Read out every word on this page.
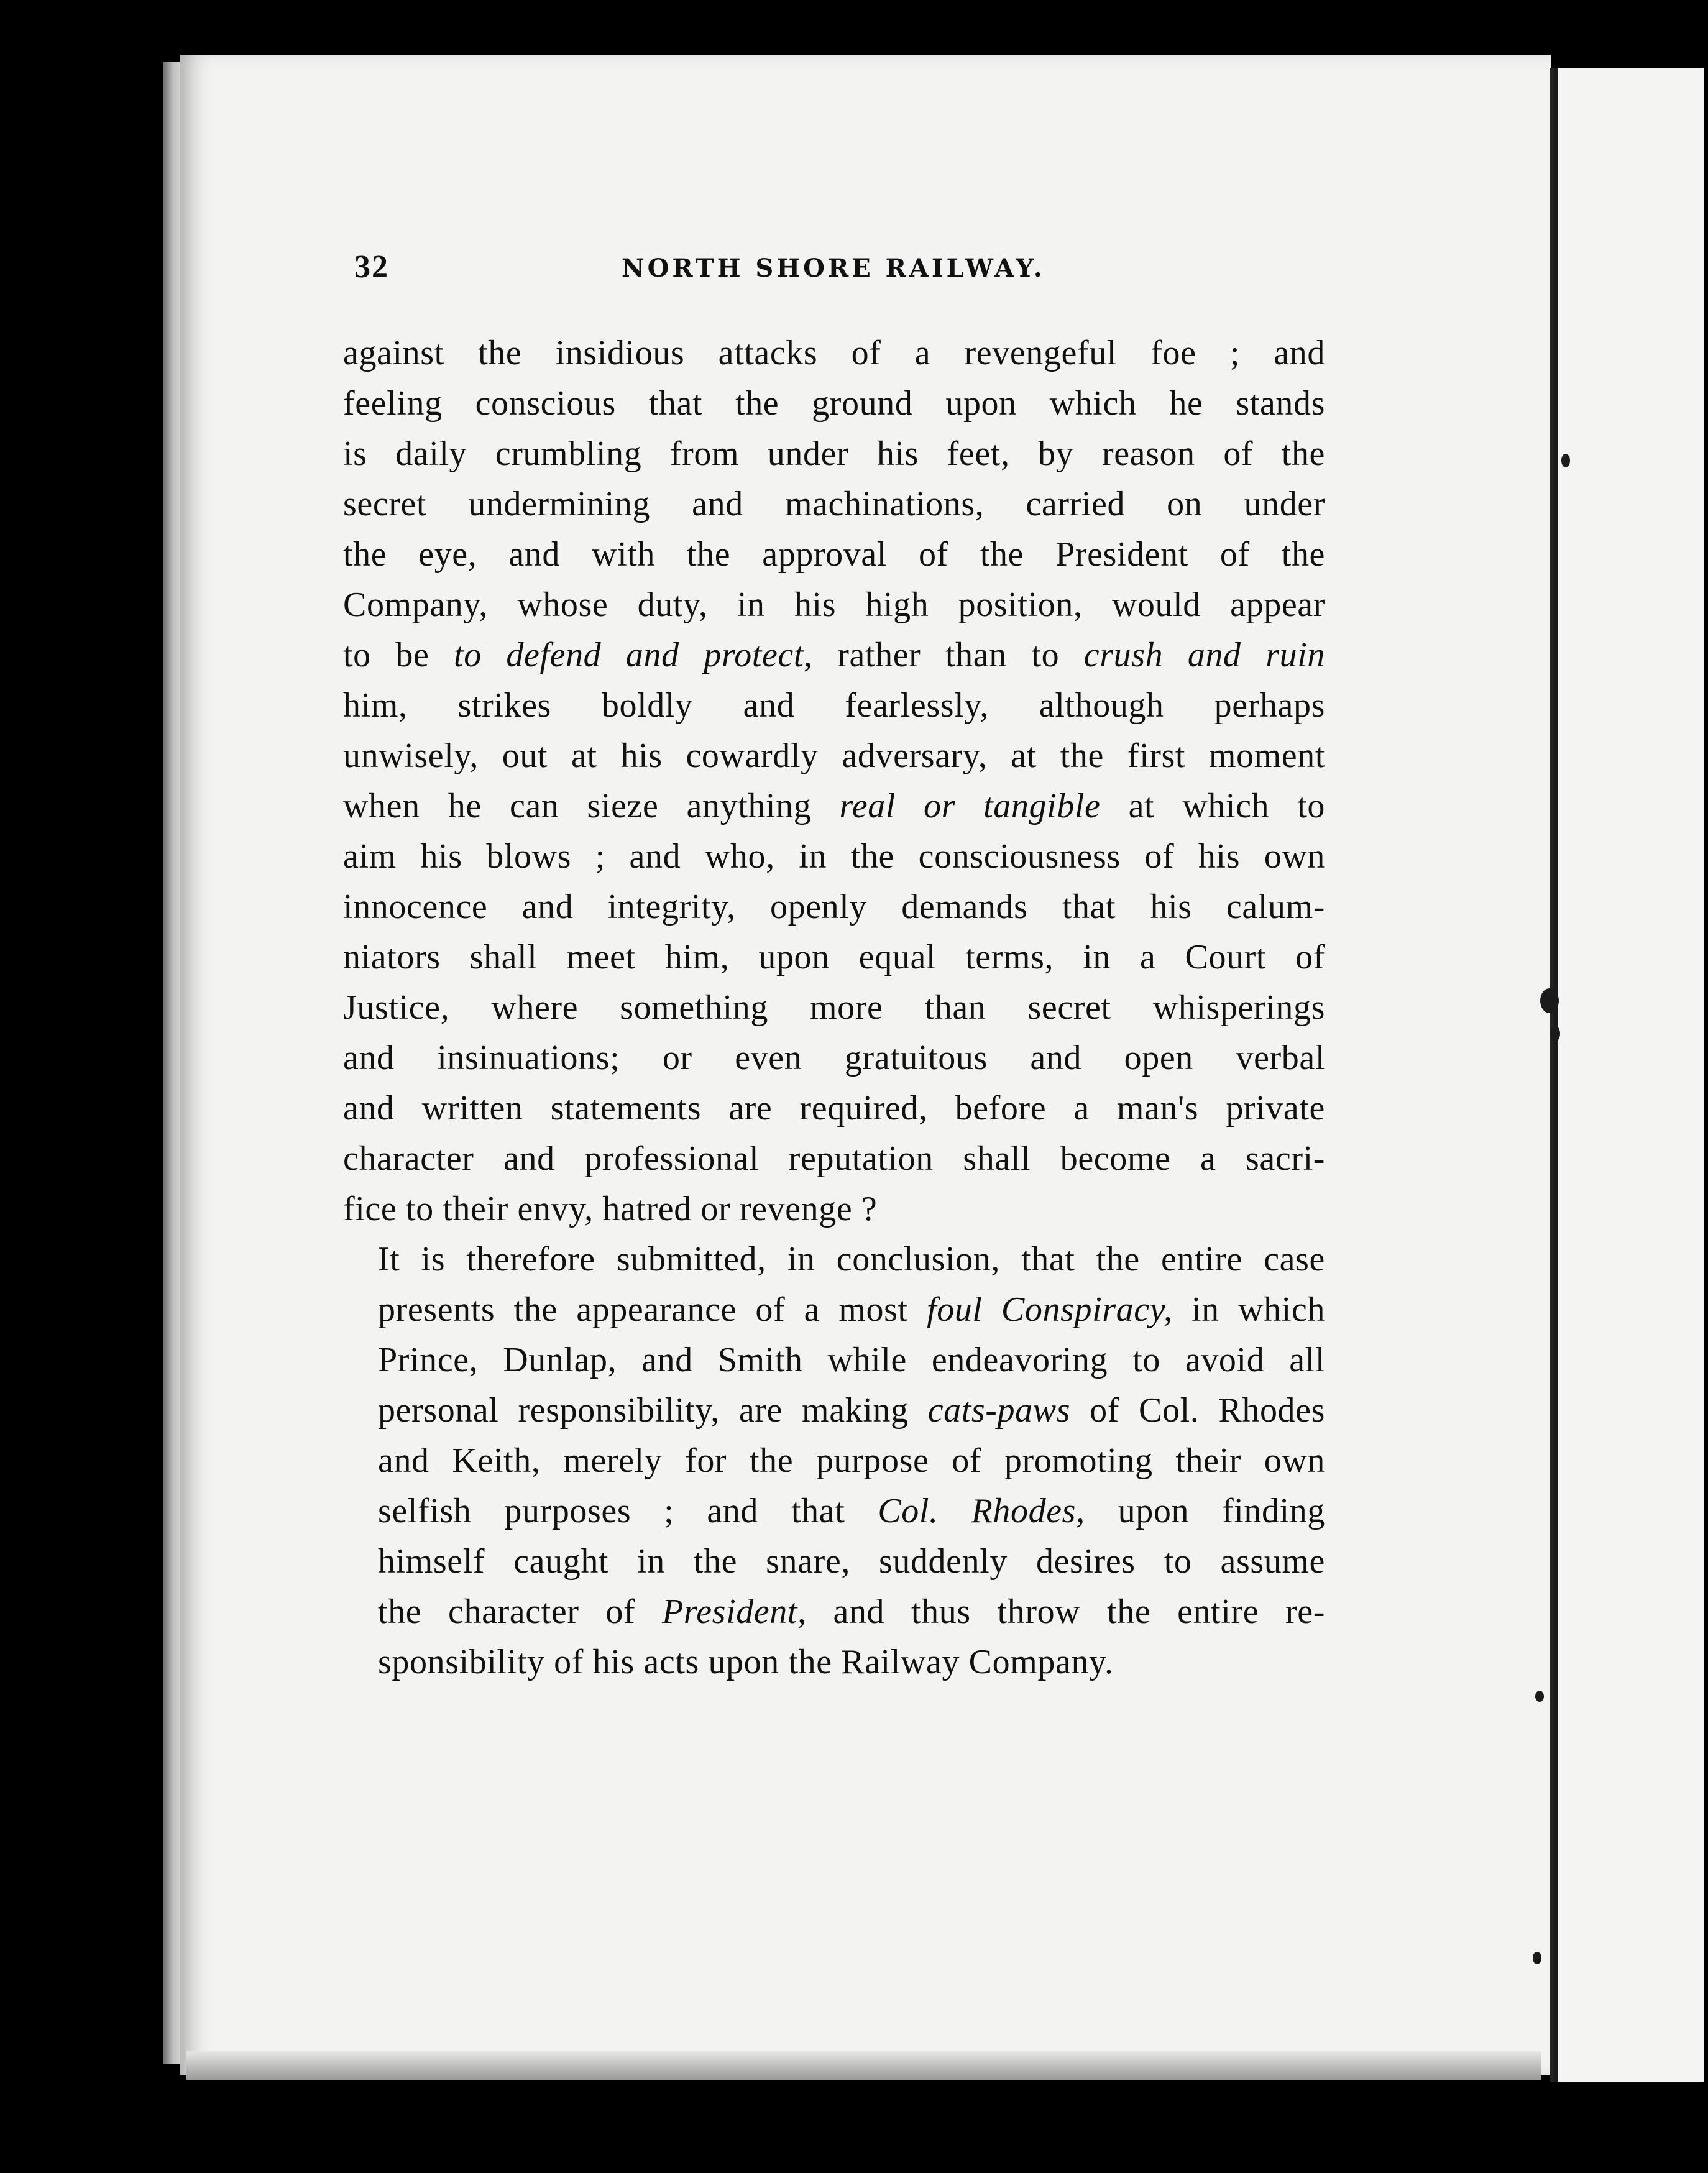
32	NORTH SHORE RAILWAY.

against the insidious attacks of a revengeful foe ; and
feeling conscious that the ground upon which he stands
is daily crumbling from under his feet, by reason of the
secret undermining and machinations, carried on under
the eye, and with the approval of the President of the
Company, whose duty, in his high position, would appear
to be to defend and protect, rather than to crush and ruin
him, strikes boldly and fearlessly, although perhaps
unwisely, out at his cowardly adversary, at the first moment
when he can sieze anything real or tangible at which to
aim his blows ; and who, in the consciousness of his own
innocence and integrity, openly demands that his calum-
niators shall meet him, upon equal terms, in a Court of
Justice, where something more than secret whisperings
and insinuations; or even gratuitous and open verbal
and written statements are required, before a man's private
character and professional reputation shall become a sacri-
fice to their envy, hatred or revenge ?

It is therefore submitted, in conclusion, that the entire case
presents the appearance of a most foul Conspiracy, in which
Prince, Dunlap, and Smith while endeavoring to avoid all
personal responsibility, are making cats-paws of Col. Rhodes
and Keith, merely for the purpose of promoting their own
selfish purposes ; and that Col. Rhodes, upon finding
himself caught in the snare, suddenly desires to assume
the character of President, and thus throw the entire re-
sponsibility of his acts upon the Railway Company.
